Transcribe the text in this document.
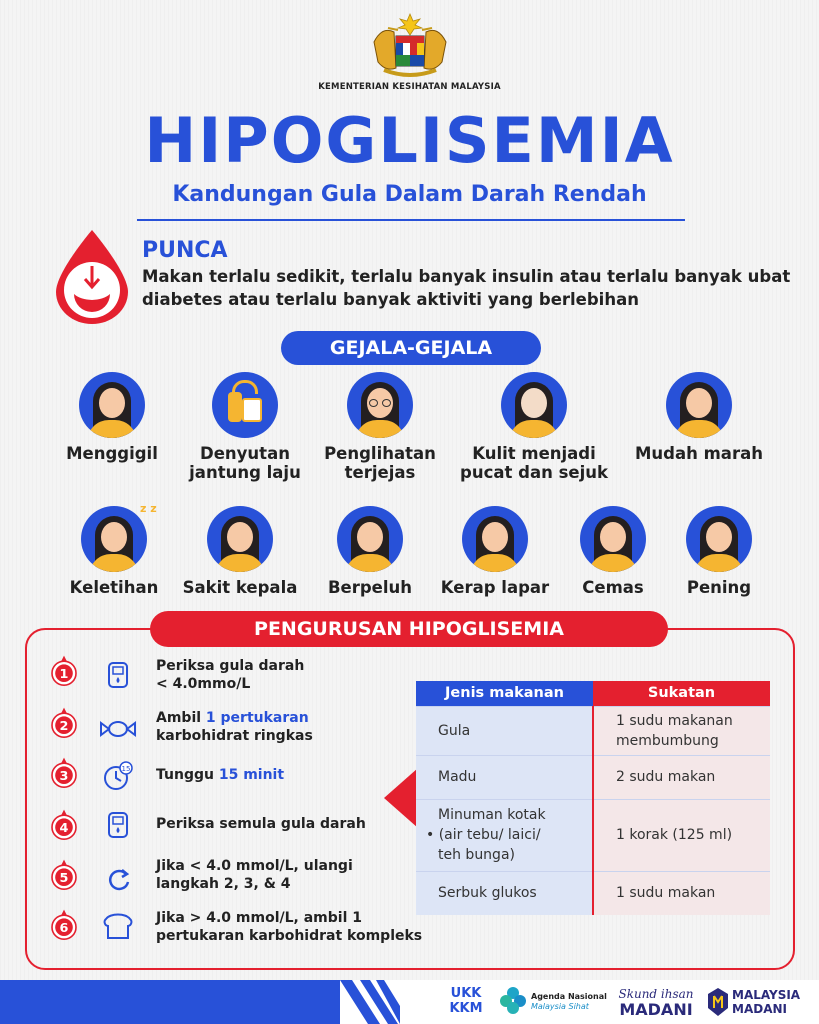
KEMENTERIAN KESIHATAN MALAYSIA
HIPOGLISEMIA
Kandungan Gula Dalam Darah Rendah
PUNCA
Makan terlalu sedikit, terlalu banyak insulin atau terlalu banyak ubat diabetes atau terlalu banyak aktiviti yang berlebihan
GEJALA-GEJALA
Menggigil	Denyutan jantung laju
Penglihatan terjejas
Kulit menjadi pucat dan sejuk
Mudah marah
z z
Keletihan	Sakit kepala	Berpeluh	Kerap lapar	Cemas	Pening
PENGURUSAN HIPOGLISEMIA
1
Periksa gula darah
< 4.0mmo/L
2
Ambil 1 pertukaran
karbohidrat ringkas
3	15 Tunggu 15 minit
4	Periksa semula gula darah
5
Jika < 4.0 mmol/L, ulangi
langkah 2, 3, & 4
6
Jika > 4.0 mmol/L, ambil 1
pertukaran karbohidrat kompleks
Jenis makanan	Sukatan
Gula	1 sudu makanan membumbung
Madu	2 sudu makan
Minuman kotak
• (air tebu/ laici/
teh bunga)	1 korak (125 ml)
Serbuk glukos	1 sudu makan
UKK
KKM
Agenda Nasional
Malaysia Sihat
Skund ihsan
MADANI
MALAYSIA
MADANI
